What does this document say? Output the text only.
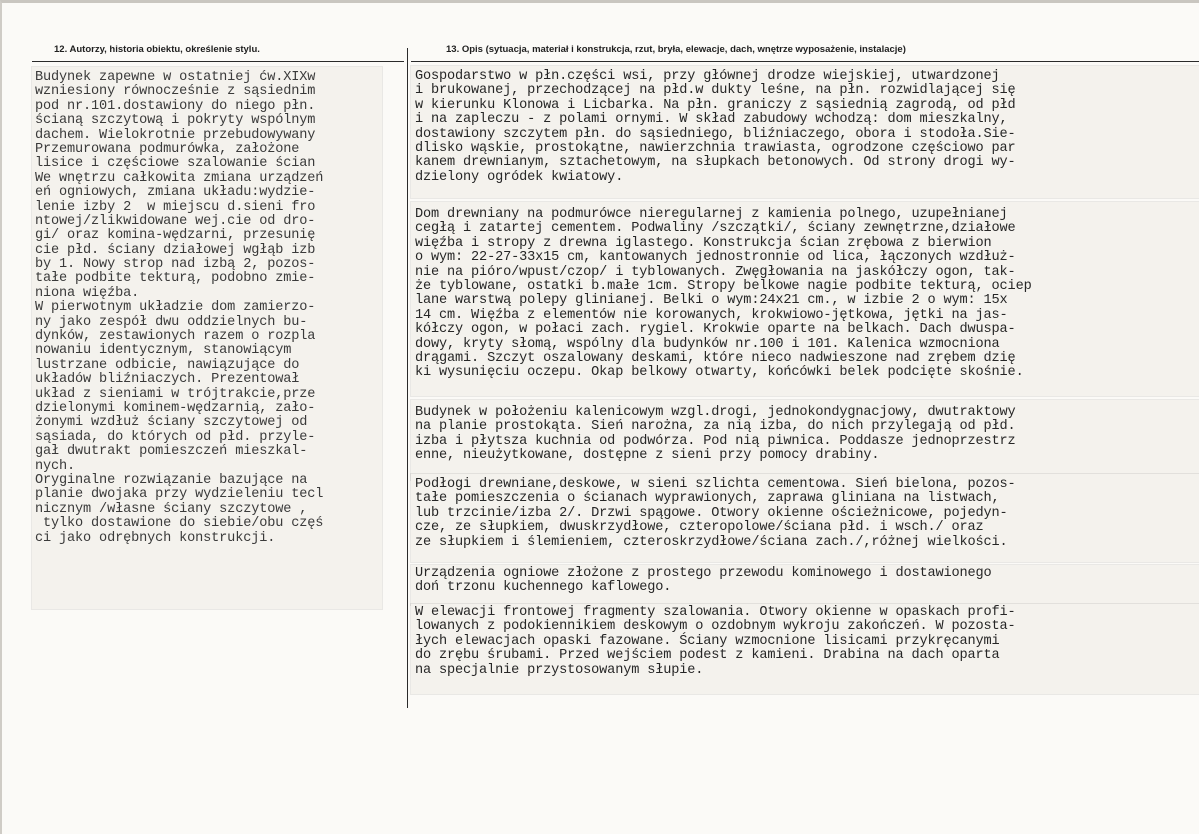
12. Autorzy, historia obiektu, określenie stylu.	13. Opis (sytuacja, materiał i konstrukcja, rzut, bryła, elewacje, dach, wnętrze wyposażenie, instalacje)
Budynek zapewne w ostatniej ćw.XIXw
wzniesiony równocześnie z sąsiednim
pod nr.101.dostawiony do niego płn.
ścianą szczytową i pokryty wspólnym
dachem. Wielokrotnie przebudowywany
Przemurowana podmurówka, założone
lisice i częściowe szalowanie ścian
We wnętrzu całkowita zmiana urządzeń
eń ogniowych, zmiana układu:wydzie-
lenie izby 2  w miejscu d.sieni fro
ntowej/zlikwidowane wej.cie od dro-
gi/ oraz komina-wędzarni, przesunię
cie płd. ściany działowej wgłąb izb
by 1. Nowy strop nad izbą 2, pozos-
tałe podbite tekturą, podobno zmie-
niona więźba.
W pierwotnym układzie dom zamierzo-
ny jako zespół dwu oddzielnych bu-
dynków, zestawionych razem o rozpla
nowaniu identycznym, stanowiącym
lustrzane odbicie, nawiązujące do
układów bliźniaczych. Prezentował
układ z sieniami w trójtrakcie,prze
dzielonymi kominem-wędzarnią, zało-
żonymi wzdłuż ściany szczytowej od
sąsiada, do których od płd. przyle-
gał dwutrakt pomieszczeń mieszkal-
nych.
Oryginalne rozwiązanie bazujące na
planie dwojaka przy wydzieleniu tecl
nicznym /własne ściany szczytowe ,
tylko dostawione do siebie/obu częś
ci jako odrębnych konstrukcji.
Gospodarstwo w płn.części wsi, przy głównej drodze wiejskiej, utwardzonej
i brukowanej, przechodzącej na płd.w dukty leśne, na płn. rozwidlającej się
w kierunku Klonowa i Licbarka. Na płn. graniczy z sąsiednią zagrodą, od płd
i na zapleczu - z polami ornymi. W skład zabudowy wchodzą: dom mieszkalny,
dostawiony szczytem płn. do sąsiedniego, bliźniaczego, obora i stodoła.Sie-
dlisko wąskie, prostokątne, nawierzchnia trawiasta, ogrodzone częściowo par
kanem drewnianym, sztachetowym, na słupkach betonowych. Od strony drogi wy-
dzielony ogródek kwiatowy.
Dom drewniany na podmurówce nieregularnej z kamienia polnego, uzupełnianej
cegłą i zatartej cementem. Podwaliny /szczątki/, ściany zewnętrzne,działowe
więźba i stropy z drewna iglastego. Konstrukcja ścian zrębowa z bierwion
o wym: 22-27-33x15 cm, kantowanych jednostronnie od lica, łączonych wzdłuż-
nie na pióro/wpust/czop/ i tyblowanych. Zwęgłowania na jaskółczy ogon, tak-
że tyblowane, ostatki b.małe 1cm. Stropy belkowe nagie podbite tekturą, ociep
lane warstwą polepy glinianej. Belki o wym:24x21 cm., w izbie 2 o wym: 15x
14 cm. Więźba z elementów nie korowanych, krokwiowo-jętkowa, jętki na jas-
kółczy ogon, w połaci zach. rygiel. Krokwie oparte na belkach. Dach dwuspa-
dowy, kryty słomą, wspólny dla budynków nr.100 i 101. Kalenica wzmocniona
drągami. Szczyt oszalowany deskami, które nieco nadwieszone nad zrębem dzię
ki wysunięciu oczepu. Okap belkowy otwarty, końcówki belek podcięte skośnie.
Budynek w położeniu kalenicowym wzgl.drogi, jednokondygnacjowy, dwutraktowy
na planie prostokąta. Sień narożna, za nią izba, do nich przylegają od płd.
izba i płytsza kuchnia od podwórza. Pod nią piwnica. Poddasze jednoprzestrz
enne, nieużytkowane, dostępne z sieni przy pomocy drabiny.
Podłogi drewniane,deskowe, w sieni szlichta cementowa. Sień bielona, pozos-
tałe pomieszczenia o ścianach wyprawionych, zaprawa gliniana na listwach,
lub trzcinie/izba 2/. Drzwi spągowe. Otwory okienne ościeżnicowe, pojedyn-
cze, ze słupkiem, dwuskrzydłowe, czteropolowe/ściana płd. i wsch./ oraz
ze słupkiem i ślemieniem, czteroskrzydłowe/ściana zach./,różnej wielkości.
Urządzenia ogniowe złożone z prostego przewodu kominowego i dostawionego
doń trzonu kuchennego kaflowego.
W elewacji frontowej fragmenty szalowania. Otwory okienne w opaskach profi-
lowanych z podokiennikiem deskowym o ozdobnym wykroju zakończeń. W pozosta-
łych elewacjach opaski fazowane. Ściany wzmocnione lisicami przykręcanymi
do zrębu śrubami. Przed wejściem podest z kamieni. Drabina na dach oparta
na specjalnie przystosowanym słupie.
